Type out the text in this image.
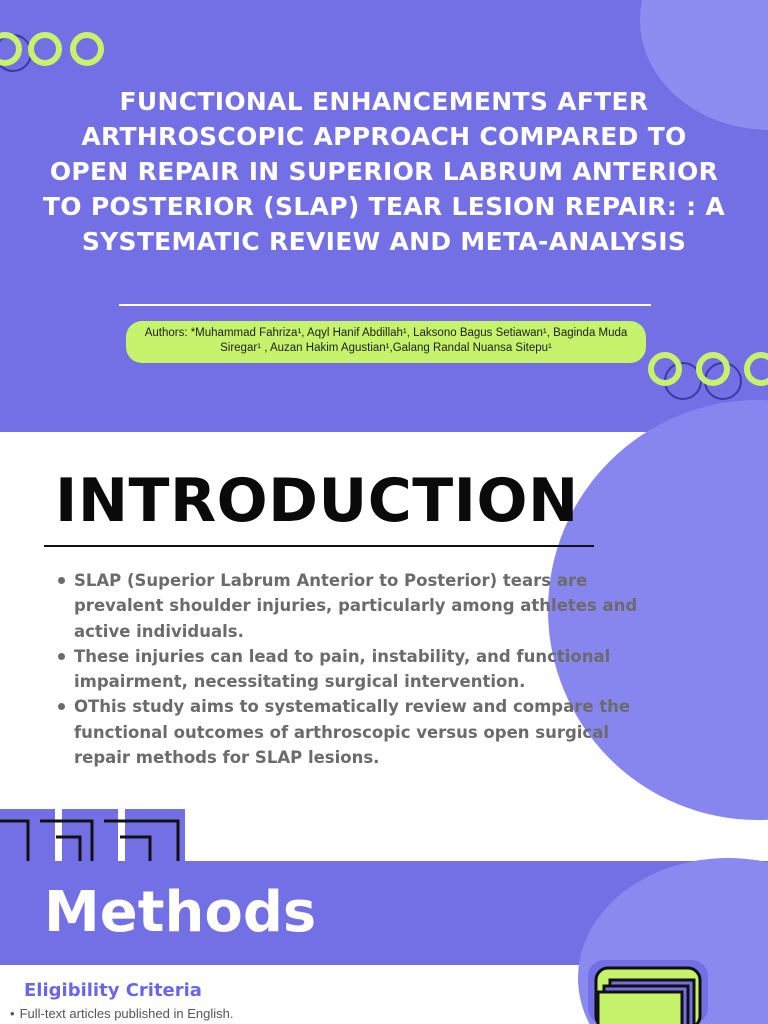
FUNCTIONAL ENHANCEMENTS AFTER ARTHROSCOPIC APPROACH COMPARED TO OPEN REPAIR IN SUPERIOR LABRUM ANTERIOR TO POSTERIOR (SLAP) TEAR LESION REPAIR: : A SYSTEMATIC REVIEW AND META-ANALYSIS
Authors: *Muhammad Fahriza¹, Aqyl Hanif Abdillah¹, Laksono Bagus Setiawan¹, Baginda Muda Siregar¹ , Auzan Hakim Agustian¹,Galang Randal Nuansa Sitepu¹
INTRODUCTION
SLAP (Superior Labrum Anterior to Posterior) tears are prevalent shoulder injuries, particularly among athletes and active individuals.
These injuries can lead to pain, instability, and functional impairment, necessitating surgical intervention.
OThis study aims to systematically review and compare the functional outcomes of arthroscopic versus open surgical repair methods for SLAP lesions.
Methods
Eligibility Criteria
• Full-text articles published in English.
